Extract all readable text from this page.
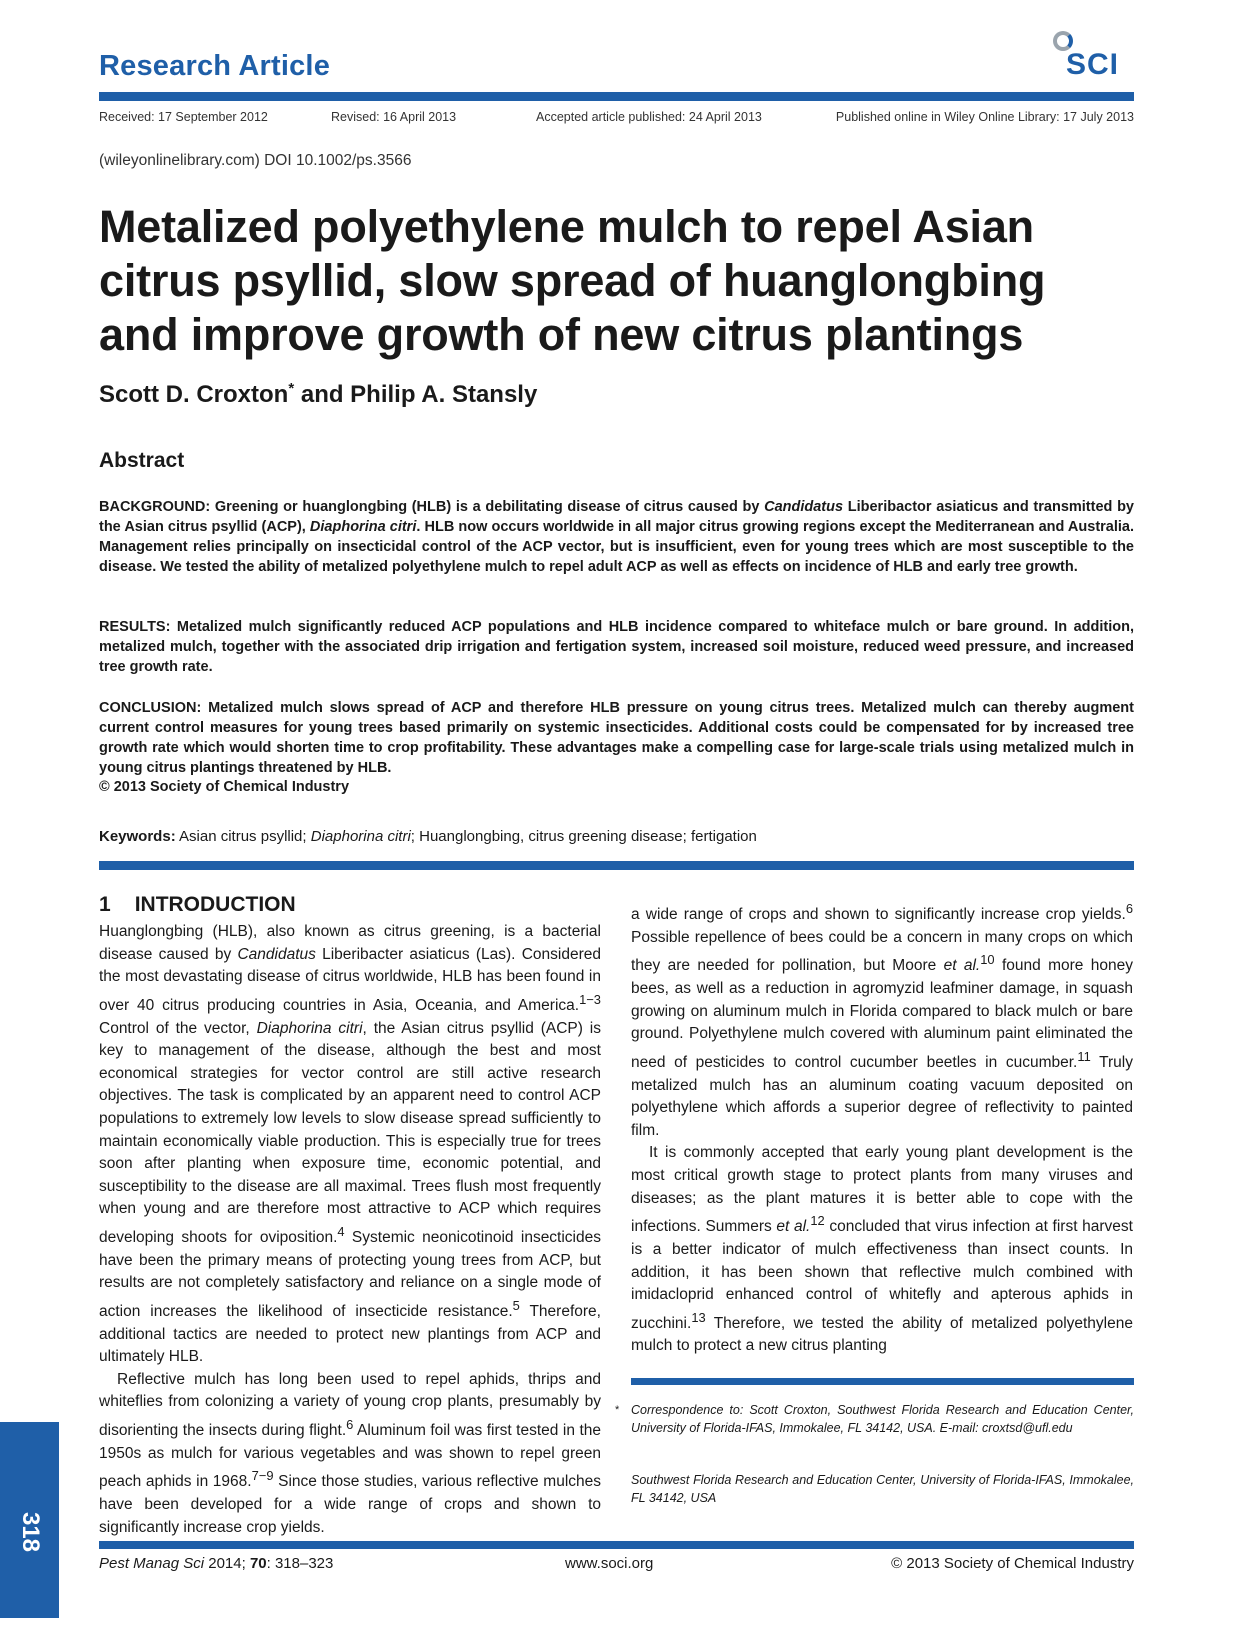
Research Article	SCI
Received: 17 September 2012	Revised: 16 April 2013	Accepted article published: 24 April 2013	Published online in Wiley Online Library: 17 July 2013
(wileyonlinelibrary.com) DOI 10.1002/ps.3566
Metalized polyethylene mulch to repel Asian
citrus psyllid, slow spread of huanglongbing
and improve growth of new citrus plantings
Scott D. Croxton* and Philip A. Stansly
Abstract

BACKGROUND: Greening or huanglongbing (HLB) is a debilitating disease of citrus caused by Candidatus Liberibactor asiaticus and transmitted by the Asian citrus psyllid (ACP), Diaphorina citri. HLB now occurs worldwide in all major citrus growing regions except the Mediterranean and Australia. Management relies principally on insecticidal control of the ACP vector, but is insufficient, even for young trees which are most susceptible to the disease. We tested the ability of metalized polyethylene mulch to repel adult ACP as well as effects on incidence of HLB and early tree growth.

RESULTS: Metalized mulch significantly reduced ACP populations and HLB incidence compared to whiteface mulch or bare ground. In addition, metalized mulch, together with the associated drip irrigation and fertigation system, increased soil moisture, reduced weed pressure, and increased tree growth rate.

CONCLUSION: Metalized mulch slows spread of ACP and therefore HLB pressure on young citrus trees. Metalized mulch can thereby augment current control measures for young trees based primarily on systemic insecticides. Additional costs could be compensated for by increased tree growth rate which would shorten time to crop profitability. These advantages make a compelling case for large-scale trials using metalized mulch in young citrus plantings threatened by HLB.

© 2013 Society of Chemical Industry
Keywords: Asian citrus psyllid; Diaphorina citri; Huanglongbing, citrus greening disease; fertigation
1 INTRODUCTION

Huanglongbing (HLB), also known as citrus greening, is a bacterial disease caused by Candidatus Liberibacter asiaticus (Las). Considered the most devastating disease of citrus worldwide, HLB has been found in over 40 citrus producing countries in Asia, Oceania, and America.$^{1-3}$ Control of the vector, Diaphorina citri, the Asian citrus psyllid (ACP) is key to management of the disease, although the best and most economical strategies for vector control are still active research objectives. The task is complicated by an apparent need to control ACP populations to extremely low levels to slow disease spread sufficiently to maintain economically viable production. This is especially true for trees soon after planting when exposure time, economic potential, and susceptibility to the disease are all maximal. Trees flush most frequently when young and are therefore most attractive to ACP which requires developing shoots for oviposition.$^4$ Systemic neonicotinoid insecticides have been the primary means of protecting young trees from ACP, but results are not completely satisfactory and reliance on a single mode of action increases the likelihood of insecticide resistance.$^5$ Therefore, additional tactics are needed to protect new plantings from ACP and ultimately HLB.

Reflective mulch has long been used to repel aphids, thrips and whiteflies from colonizing a variety of young crop plants, presumably by disorienting the insects during flight.$^6$ Aluminum foil was first tested in the 1950s as mulch for various vegetables and was shown to repel green peach aphids in 1968.$^{7-9}$ Since those studies, various reflective mulches have been developed for a wide range of crops and shown to significantly increase crop yields.

a wide range of crops and shown to significantly increase crop yields.$^6$ Possible repellence of bees could be a concern in many crops on which they are needed for pollination, but Moore et al.$^{10}$ found more honey bees, as well as a reduction in agromyzid leafminer damage, in squash growing on aluminum mulch in Florida compared to black mulch or bare ground. Polyethylene mulch covered with aluminum paint eliminated the need of pesticides to control cucumber beetles in cucumber.$^{11}$ Truly metalized mulch has an aluminum coating vacuum deposited on polyethylene which affords a superior degree of reflectivity to painted film.

It is commonly accepted that early young plant development is the most critical growth stage to protect plants from many viruses and diseases; as the plant matures it is better able to cope with the infections. Summers et al.$^{12}$ concluded that virus infection at first harvest is a better indicator of mulch effectiveness than insect counts. In addition, it has been shown that reflective mulch combined with imidacloprid enhanced control of whitefly and apterous aphids in zucchini.$^{13}$ Therefore, we tested the ability of metalized polyethylene mulch to protect a new citrus planting

* Correspondence to: Scott Croxton, Southwest Florida Research and Education Center, University of Florida-IFAS, Immokalee, FL 34142, USA. E-mail: croxtsd@ufl.edu
Southwest Florida Research and Education Center, University of Florida-IFAS, Immokalee, FL 34142, USA
318
Pest Manag Sci 2014; 70: 318–323	www.soci.org	© 2013 Society of Chemical Industry
